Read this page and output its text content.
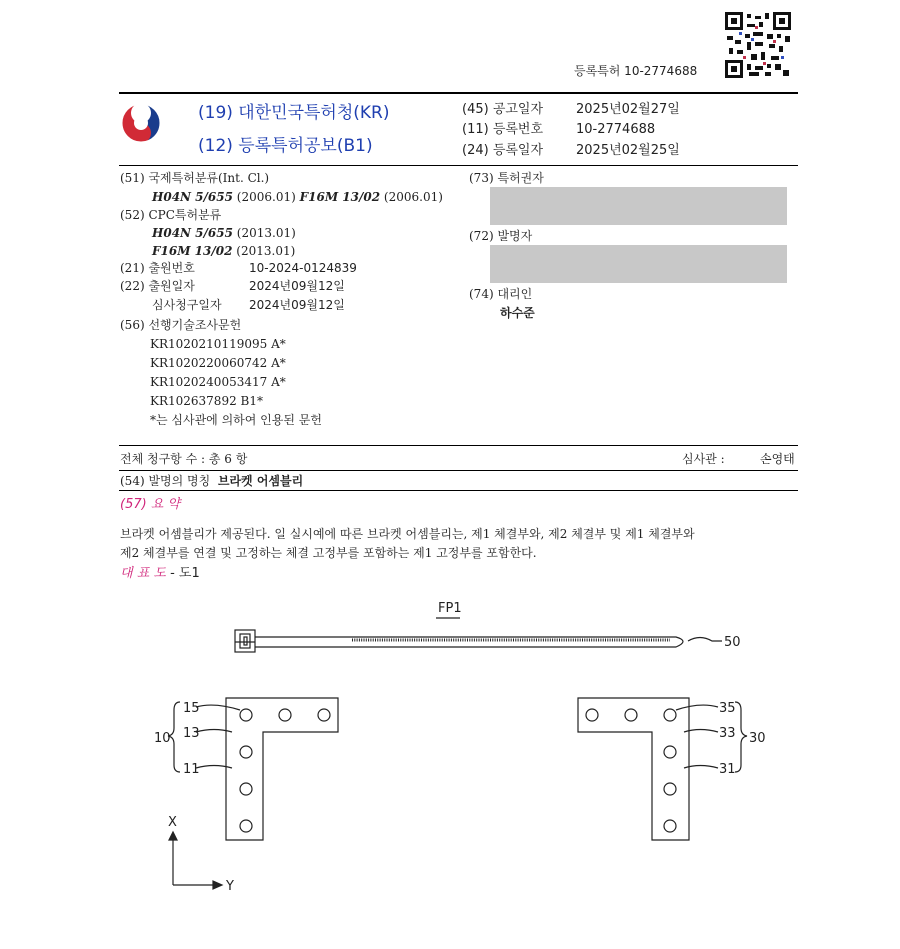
등록특허 10-2774688
(19) 대한민국특허청(KR)
(12) 등록특허공보(B1)
(45) 공고일자	2025년02월27일
(11) 등록번호	10-2774688
(24) 등록일자	2025년02월25일
(51) 국제특허분류(Int. Cl.)
H04N 5/655 (2006.01) F16M 13/02 (2006.01)
(52) CPC특허분류
H04N 5/655 (2013.01)
F16M 13/02 (2013.01)
(21) 출원번호	10-2024-0124839
(22) 출원일자	2024년09월12일
심사청구일자 2024년09월12일
(56) 선행기술조사문헌
KR1020210119095 A*
KR1020220060742 A*
KR1020240053417 A*
KR102637892 B1*
*는 심사관에 의하여 인용된 문헌
(73) 특허권자
(72) 발명자
(74) 대리인
하수준
전체 청구항 수 : 총 6 항	심사관 :	손영태
(54) 발명의 명칭 브라켓 어셈블리
(57) 요 약
브라켓 어셈블리가 제공된다. 일 실시예에 따른 브라켓 어셈블리는, 제1 체결부와, 제2 체결부 및 제1 체결부와
제2 체결부를 연결 및 고정하는 체결 고정부를 포함하는 제1 고정부를 포함한다.
대 표 도 - 도1
FP1
50
15
13
11
10
35
33
31
30
X
Y
